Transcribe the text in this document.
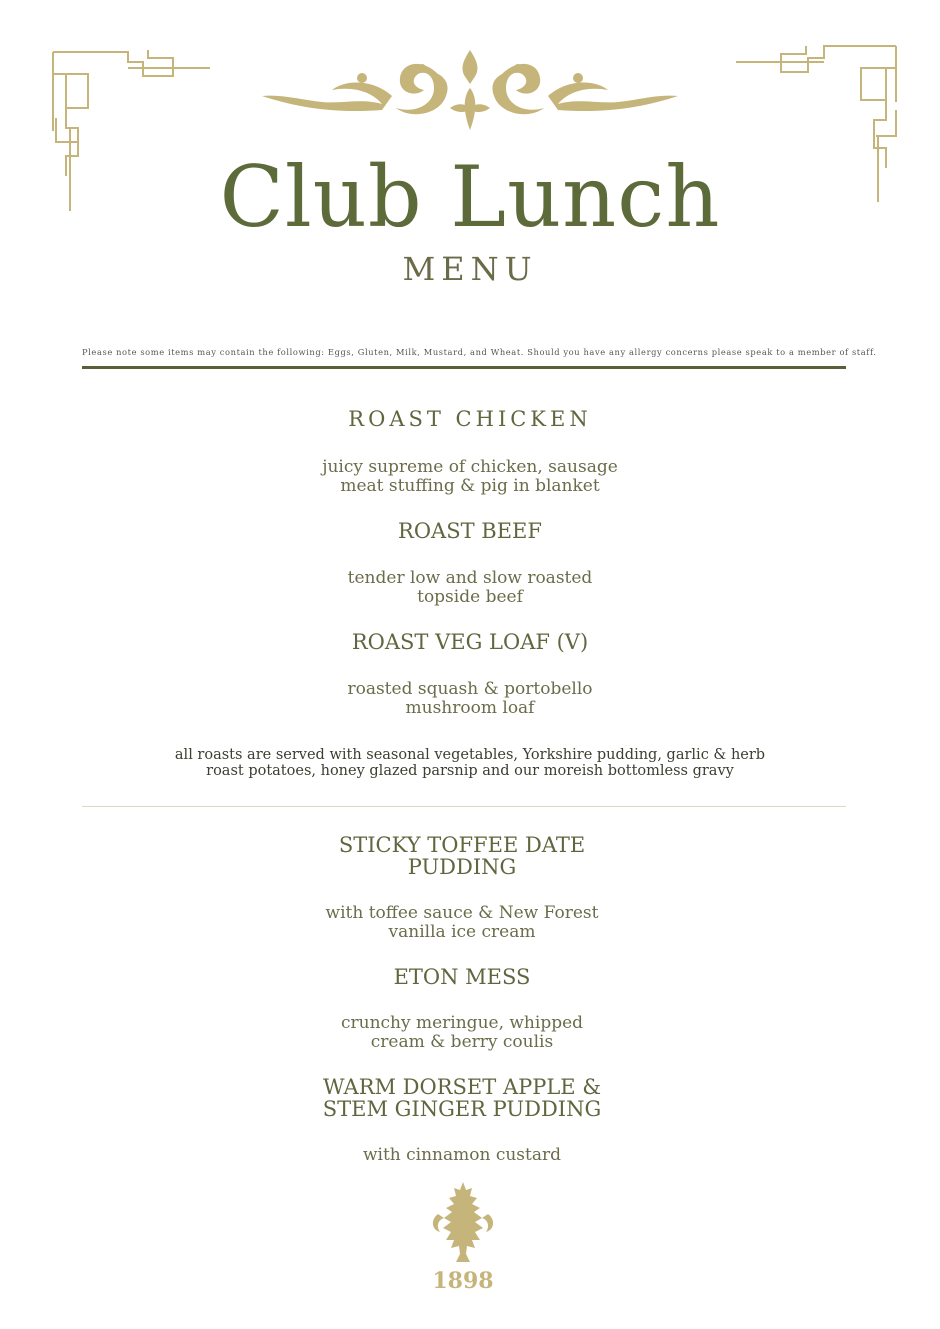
Club Lunch
MENU
Please note some items may contain the following: Eggs, Gluten, Milk, Mustard, and Wheat. Should you have any allergy concerns please speak to a member of staff.
ROAST CHICKEN
juicy supreme of chicken, sausage
meat stuffing & pig in blanket
ROAST BEEF
tender low and slow roasted
topside beef
ROAST VEG LOAF (V)
roasted squash & portobello
mushroom loaf
all roasts are served with seasonal vegetables, Yorkshire pudding, garlic & herb
roast potatoes, honey glazed parsnip and our moreish bottomless gravy
STICKY TOFFEE DATE
PUDDING
with toffee sauce & New Forest
vanilla ice cream
ETON MESS
crunchy meringue, whipped
cream & berry coulis
WARM DORSET APPLE &
STEM GINGER PUDDING
with cinnamon custard
1898
